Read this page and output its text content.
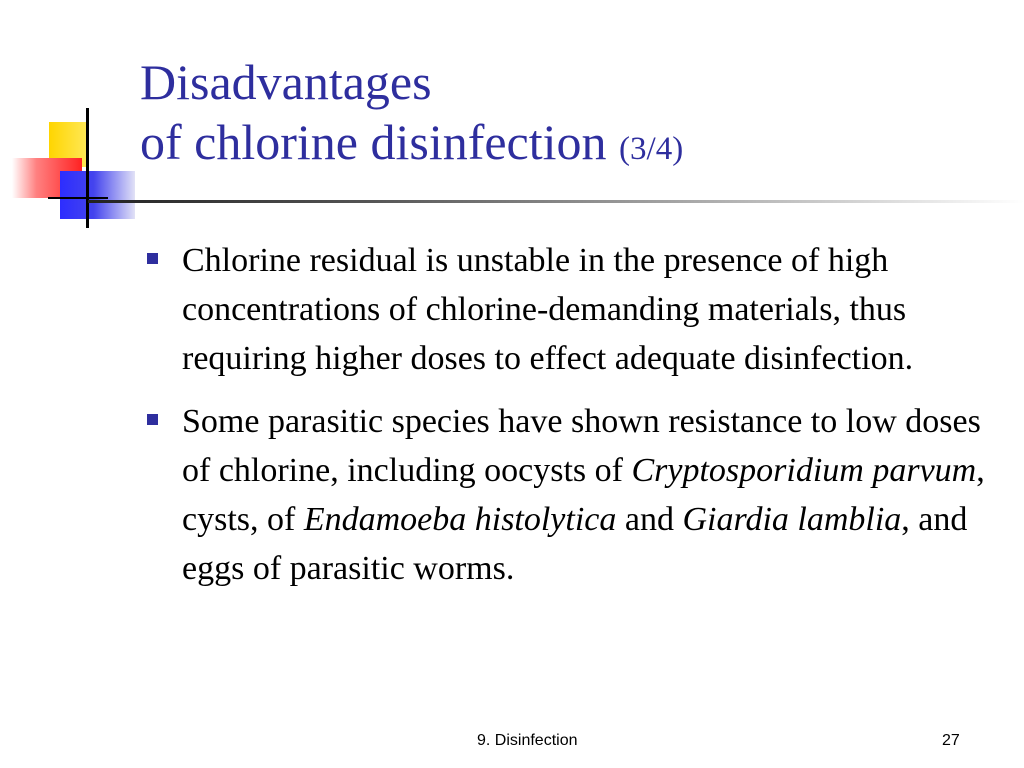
Disadvantages
of chlorine disinfection (3/4)
Chlorine residual is unstable in the presence of high concentrations of chlorine-demanding materials, thus requiring higher doses to effect adequate disinfection.
Some parasitic species have shown resistance to low doses of chlorine, including oocysts of Cryptosporidium parvum, cysts, of Endamoeba histolytica and Giardia lamblia, and eggs of parasitic worms.
9. Disinfection	27
